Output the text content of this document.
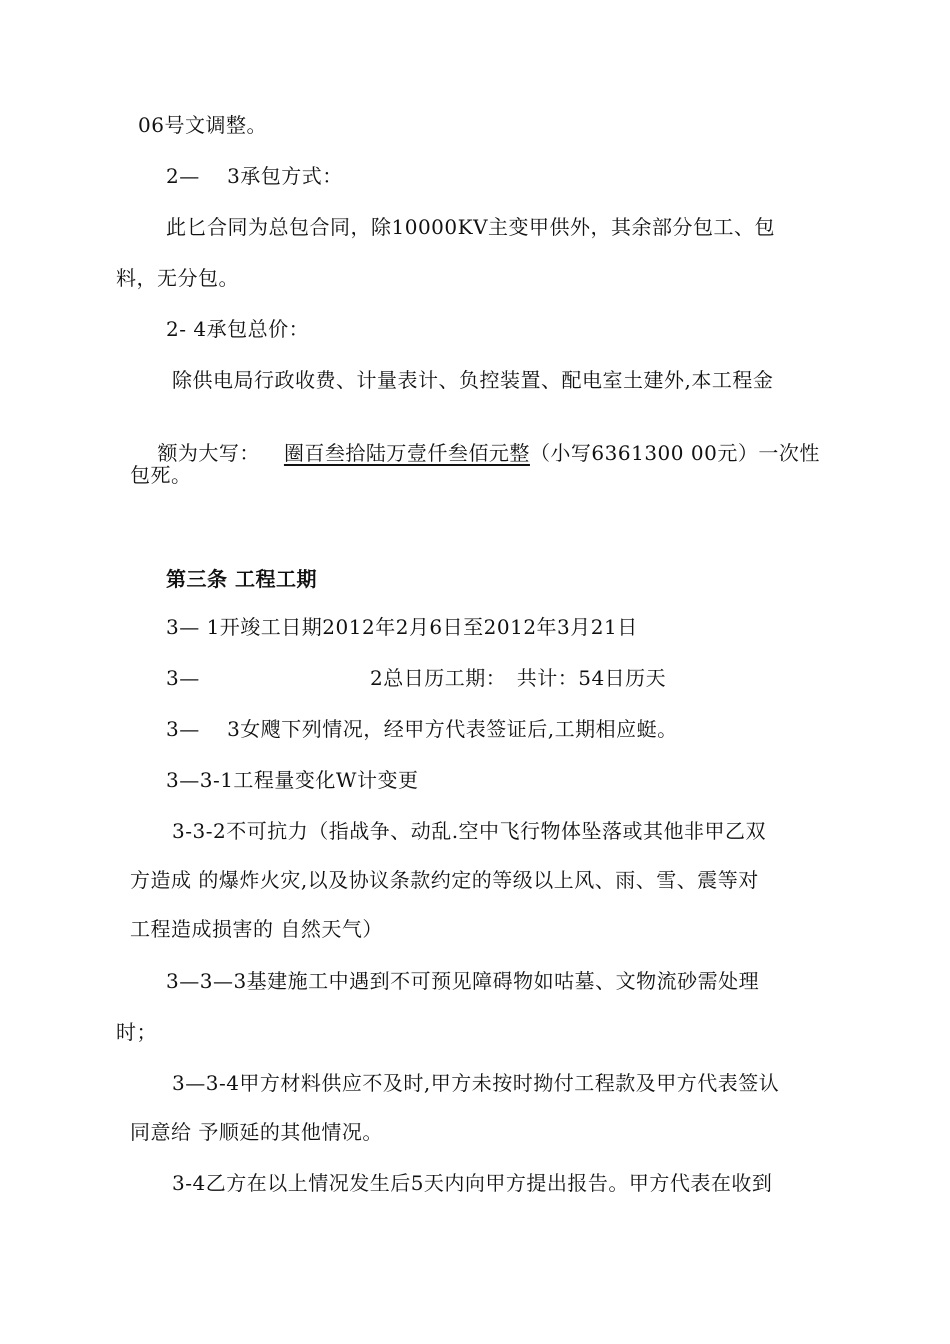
06号文调整。
2—　 3承包方式：
此匕合同为总包合同，除10000KV主变甲供外，其余部分包工、包
料，无分包。
2- 4承包总价：
除供电局行政收费、计量表计、负控装置、配电室土建外,本工程金

额为大写： 圈百叁拾陆万壹仟叁佰元整（小写6361300 00元）一次性

包死。
第三条 工程工期
3— 1开竣工日期2012年2月6日至2012年3月21日
3—	2总日历工期：　共计：54日历天
3—　 3女飕下列情况，经甲方代表签证后,工期相应蜓。
3—3-1工程量变化W计变更
3-3-2不可抗力（指战争、动乱.空中飞行物体坠落或其他非甲乙双
方造成 的爆炸火灾,以及协议条款约定的等级以上风、雨、雪、震等对
工程造成损害的 自然天气）
3—3—3基建施工中遇到不可预见障碍物如咕墓、文物流砂需处理
时；
3—3-4甲方材料供应不及时,甲方未按时拗付工程款及甲方代表签认
同意给 予顺延的其他情况。
3-4乙方在以上情况发生后5天内向甲方提出报告。甲方代表在收到
